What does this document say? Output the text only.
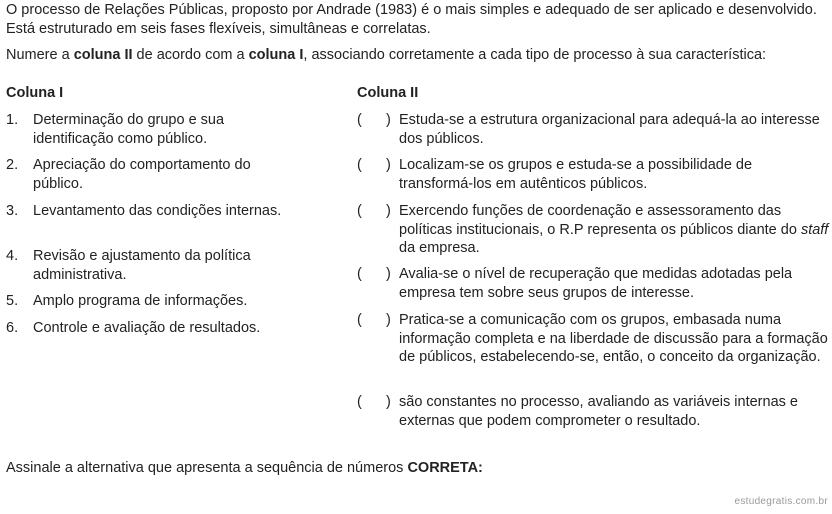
O processo de Relações Públicas, proposto por Andrade (1983) é o mais simples e adequado de ser aplicado e desenvolvido.
Está estruturado em seis fases flexíveis, simultâneas e correlatas.
Numere a coluna II de acordo com a coluna I, associando corretamente a cada tipo de processo à sua característica:
Coluna I	Coluna II
1. Determinação do grupo e sua identificação como público.
2. Apreciação do comportamento do público.
3. Levantamento das condições internas.
4. Revisão e ajustamento da política administrativa.
5. Amplo programa de informações.
6. Controle e avaliação de resultados.
(      ) Estuda-se a estrutura organizacional para adequá-la ao interesse dos públicos.
(      ) Localizam-se os grupos e estuda-se a possibilidade de transformá-los em autênticos públicos.
(      ) Exercendo funções de coordenação e assessoramento das políticas institucionais, o R.P representa os públicos diante do staff da empresa.
(      ) Avalia-se o nível de recuperação que medidas adotadas pela empresa tem sobre seus grupos de interesse.
(      ) Pratica-se a comunicação com os grupos, embasada numa informação completa e na liberdade de discussão para a formação de públicos, estabelecendo-se, então, o conceito da organização.
(      ) são constantes no processo, avaliando as variáveis internas e externas que podem comprometer o resultado.
Assinale a alternativa que apresenta a sequência de números CORRETA:
estudegratis.com.br
